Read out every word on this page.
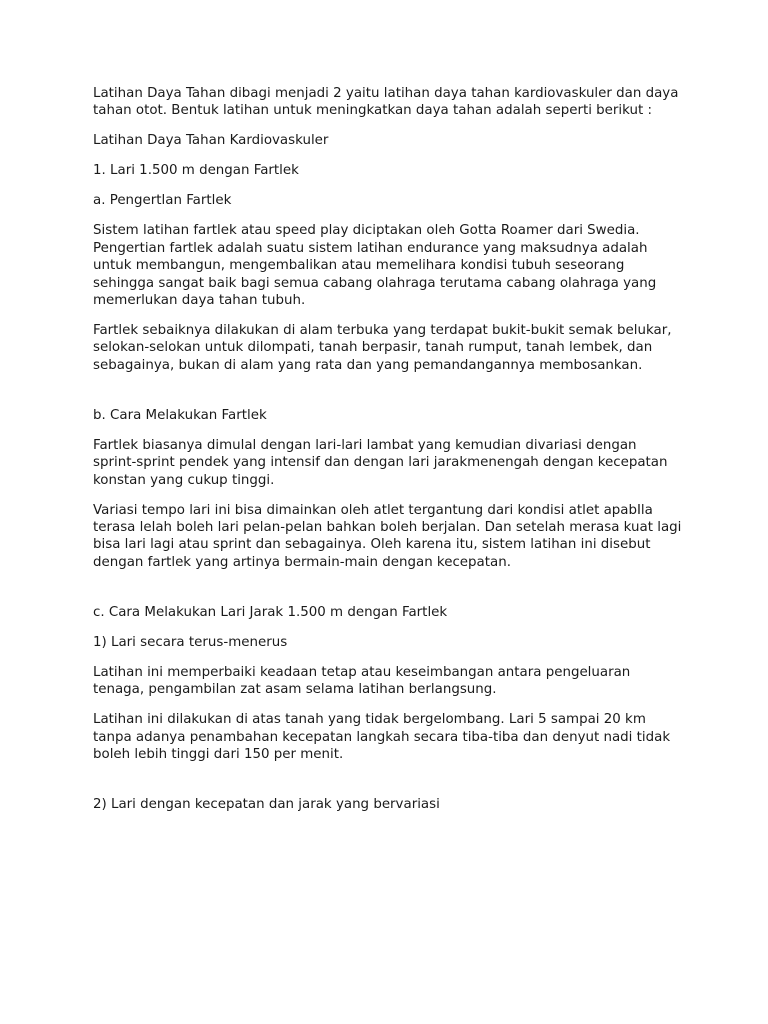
Latihan Daya Tahan dibagi menjadi 2 yaitu latihan daya tahan kardiovaskuler dan daya tahan otot. Bentuk latihan untuk meningkatkan daya tahan adalah seperti berikut :

Latihan Daya Tahan Kardiovaskuler

1. Lari 1.500 m dengan Fartlek

a. Pengertlan Fartlek

Sistem latihan fartlek atau speed play diciptakan oleh Gotta Roamer dari Swedia. Pengertian fartlek adalah suatu sistem latihan endurance yang maksudnya adalah untuk membangun, mengembalikan atau memelihara kondisi tubuh seseorang sehingga sangat baik bagi semua cabang olahraga terutama cabang olahraga yang memerlukan daya tahan tubuh.

Fartlek sebaiknya dilakukan di alam terbuka yang terdapat bukit-bukit semak belukar, selokan-selokan untuk dilompati, tanah berpasir, tanah rumput, tanah lembek, dan sebagainya, bukan di alam yang rata dan yang pemandangannya membosankan.

b. Cara Melakukan Fartlek

Fartlek biasanya dimulal dengan lari-lari lambat yang kemudian divariasi dengan sprint-sprint pendek yang intensif dan dengan lari jarakmenengah dengan kecepatan konstan yang cukup tinggi.

Variasi tempo lari ini bisa dimainkan oleh atlet tergantung dari kondisi atlet apabIla terasa lelah boleh lari pelan-pelan bahkan boleh berjalan. Dan setelah merasa kuat lagi bisa lari lagi atau sprint dan sebagainya. Oleh karena itu, sistem latihan ini disebut dengan fartlek yang artinya bermain-main dengan kecepatan.

c. Cara Melakukan Lari Jarak 1.500 m dengan Fartlek

1) Lari secara terus-menerus

Latihan ini memperbaiki keadaan tetap atau keseimbangan antara pengeluaran tenaga, pengambilan zat asam selama latihan berlangsung.

Latihan ini dilakukan di atas tanah yang tidak bergelombang. Lari 5 sampai 20 km tanpa adanya penambahan kecepatan langkah secara tiba-tiba dan denyut nadi tidak boleh lebih tinggi dari 150 per menit.

2) Lari dengan kecepatan dan jarak yang bervariasi
